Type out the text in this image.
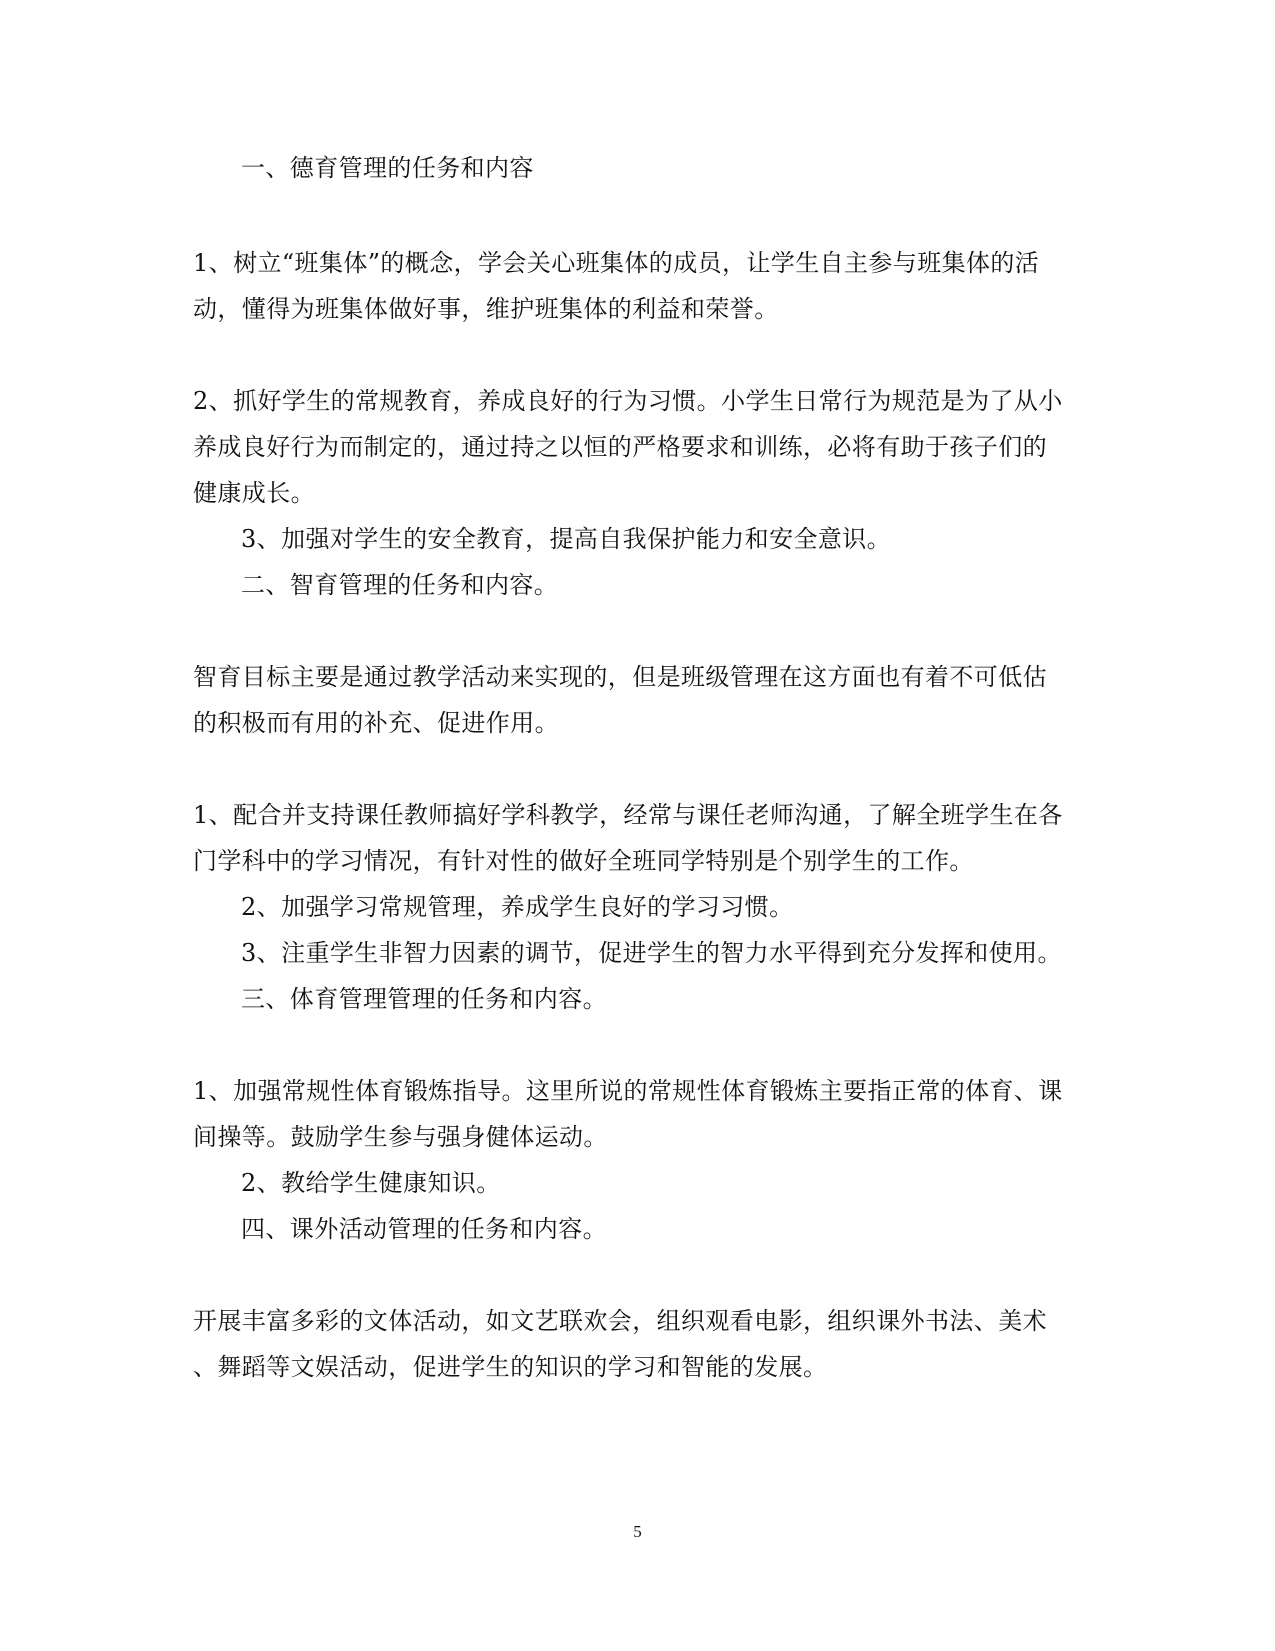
一、德育管理的任务和内容
1、树立“班集体”的概念，学会关心班集体的成员，让学生自主参与班集体的活
动，懂得为班集体做好事，维护班集体的利益和荣誉。
2、抓好学生的常规教育，养成良好的行为习惯。小学生日常行为规范是为了从小
养成良好行为而制定的，通过持之以恒的严格要求和训练，必将有助于孩子们的
健康成长。
3、加强对学生的安全教育，提高自我保护能力和安全意识。
二、智育管理的任务和内容。
智育目标主要是通过教学活动来实现的，但是班级管理在这方面也有着不可低估
的积极而有用的补充、促进作用。
1、配合并支持课任教师搞好学科教学，经常与课任老师沟通，了解全班学生在各
门学科中的学习情况，有针对性的做好全班同学特别是个别学生的工作。
2、加强学习常规管理，养成学生良好的学习习惯。
3、注重学生非智力因素的调节，促进学生的智力水平得到充分发挥和使用。
三、体育管理管理的任务和内容。
1、加强常规性体育锻炼指导。这里所说的常规性体育锻炼主要指正常的体育、课
间操等。鼓励学生参与强身健体运动。
2、教给学生健康知识。
四、课外活动管理的任务和内容。
开展丰富多彩的文体活动，如文艺联欢会，组织观看电影，组织课外书法、美术
、舞蹈等文娱活动，促进学生的知识的学习和智能的发展。
5
